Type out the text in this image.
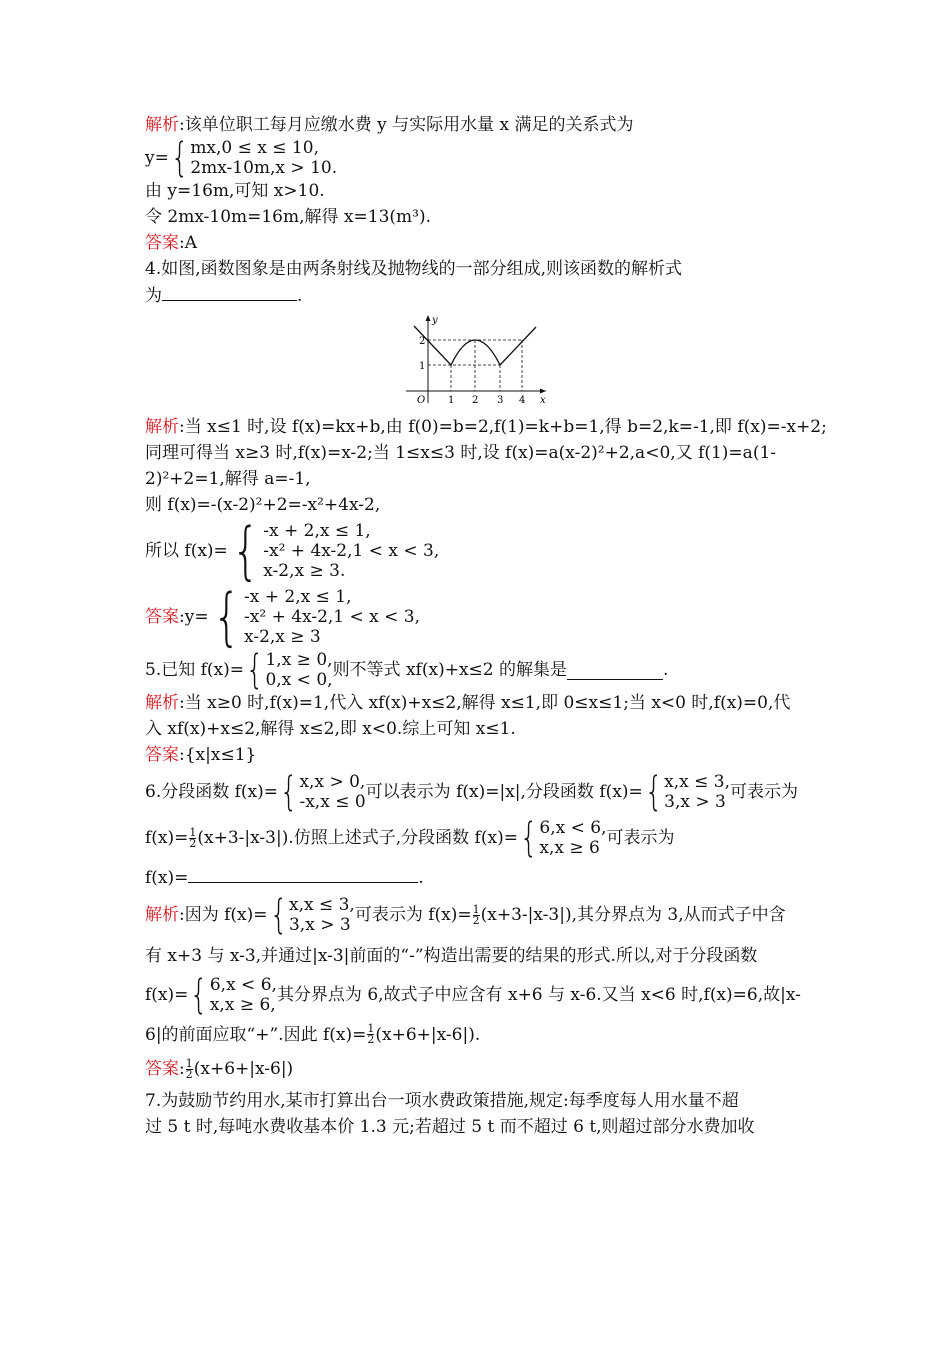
解析:该单位职工每月应缴水费 y 与实际用水量 x 满足的关系式为

y= { mx,0 ≤ x ≤ 10,
2mx-10m,x > 10.

由 y=16m,可知 x>10.

令 2mx-10m=16m,解得 x=13(m³).

答案:A

4.如图,函数图象是由两条射线及抛物线的一部分组成,则该函数的解析式

为	.

y
x
O 1 2 3 4
1
2

解析:当 x≤1 时,设 f(x)=kx+b,由 f(0)=b=2,f(1)=k+b=1,得 b=2,k=-1,即 f(x)=-x+2;

同理可得当 x≥3 时,f(x)=x-2;当 1≤x≤3 时,设 f(x)=a(x-2)²+2,a<0,又 f(1)=a(1-

2)²+2=1,解得 a=-1,

则 f(x)=-(x-2)²+2=-x²+4x-2,

所以 f(x)= { -x + 2,x ≤ 1,
-x² + 4x-2,1 < x < 3,
x-2,x ≥ 3.
答案 :y= { -x + 2,x ≤ 1,
-x² + 4x-2,1 < x < 3,
x-2,x ≥ 3
5.已知 f(x)= { 1,x ≥ 0,
0,x < 0, 则不等式 xf(x)+x≤2 的解集是	.

解析:当 x≥0 时,f(x)=1,代入 xf(x)+x≤2,解得 x≤1,即 0≤x≤1;当 x<0 时,f(x)=0,代

入 xf(x)+x≤2,解得 x≤2,即 x<0.综上可知 x≤1.

答案:{x|x≤1}

6.分段函数 f(x)= { x,x > 0,
-x,x ≤ 0 可以表示为 f(x)=|x|,分段函数 f(x)= { x,x ≤ 3,
3,x > 3 可表示为
$f(x)= \frac{1}{2} (x+3-|x-3|)$.仿照上述式子,分段函数 f(x)= { 6,x < 6,
x,x ≥ 6 可表示为

f(x)=	.

解析 :因为 f(x)= { x,x ≤ 3,
3,x > 3 可表示为 $f(x)= \frac{1}{2} (x+3-|x-3|)$,其分界点为 3,从而式子中含

有 x+3 与 x-3,并通过|x-3|前面的“-”构造出需要的结果的形式.所以,对于分段函数

f(x)= { 6,x < 6,
x,x ≥ 6, 其分界点为 6,故式子中应含有 x+6 与 x-6.又当 x<6 时,f(x)=6,故|x-
6|的前面应取“+”.因此 $f(x)= \frac{1}{2} (x+6+|x-6|)$.
答案 : $\frac{1}{2} (x+6+|x-6|)$

7.为鼓励节约用水,某市打算出台一项水费政策措施,规定:每季度每人用水量不超

过 5 t 时,每吨水费收基本价 1.3 元;若超过 5 t 而不超过 6 t,则超过部分水费加收
